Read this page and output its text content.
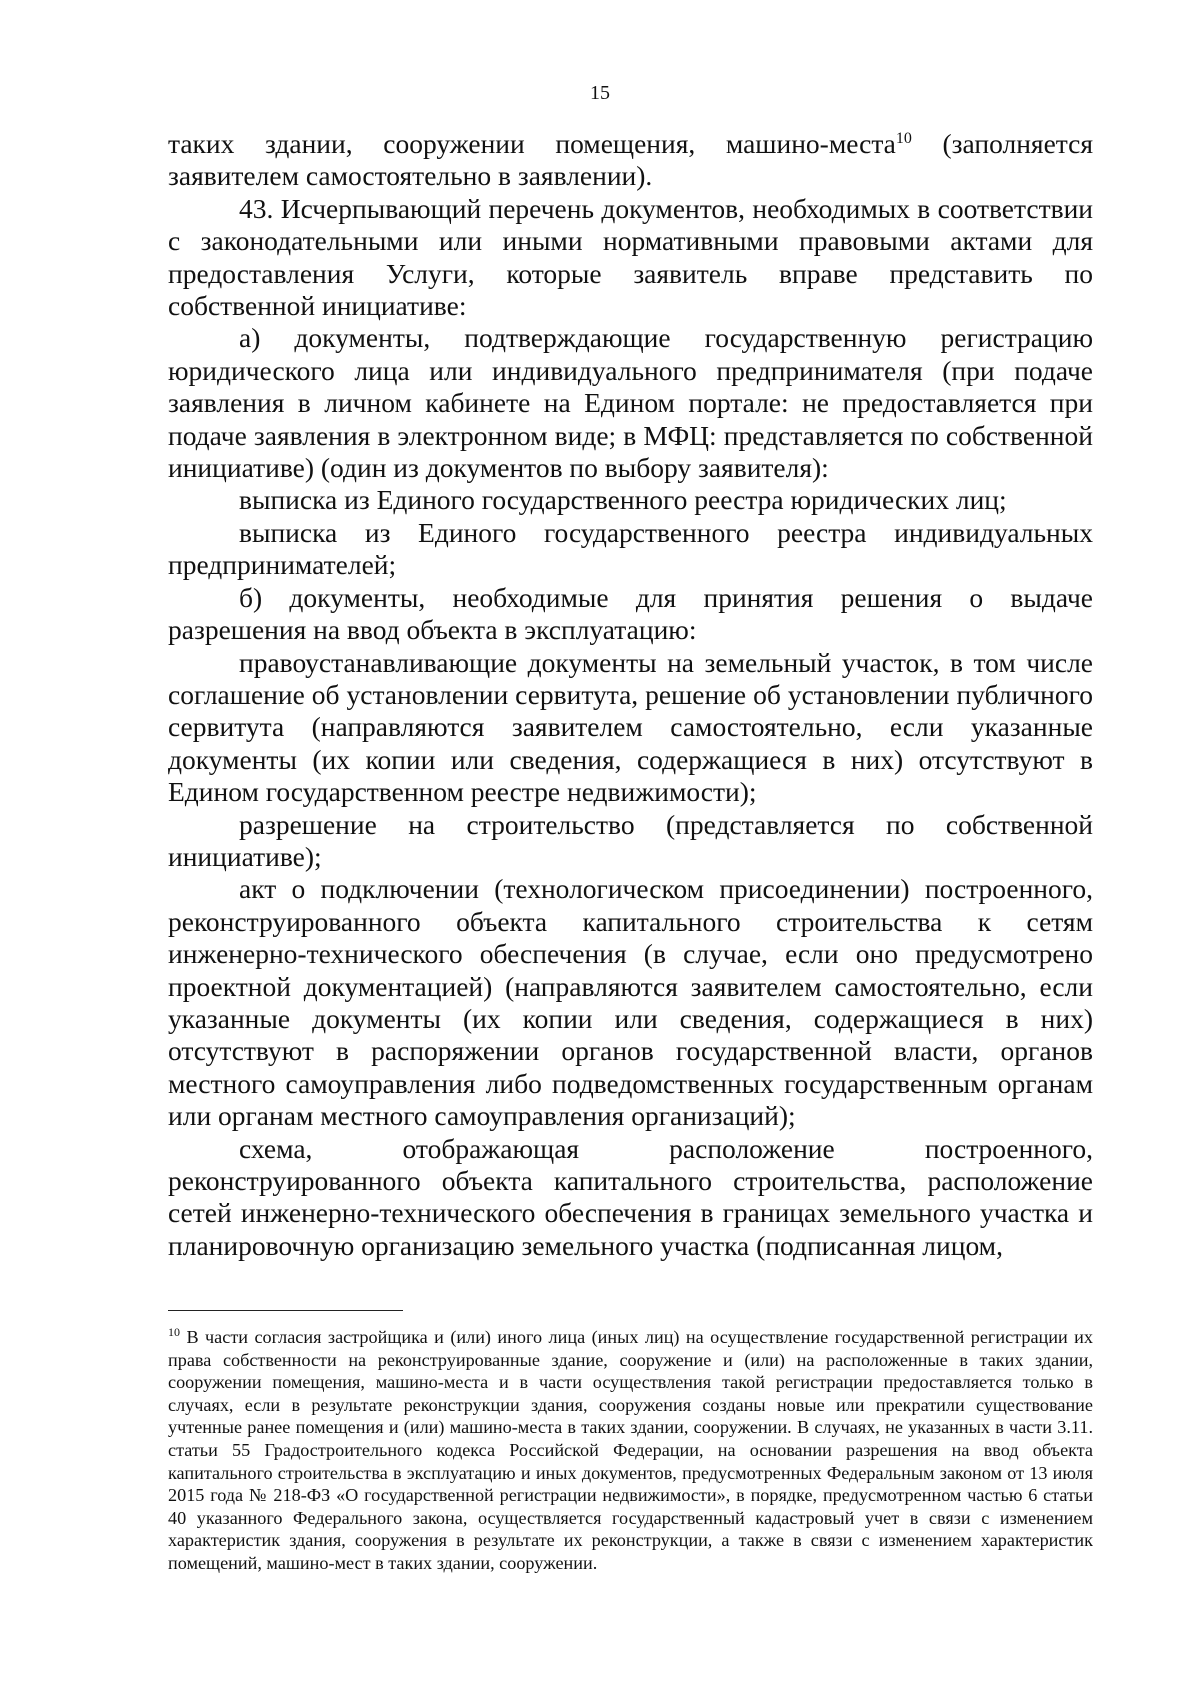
15

таких здании, сооружении помещения, машино-места$^{10}$ (заполняется заявителем самостоятельно в заявлении).

43. Исчерпывающий перечень документов, необходимых в соответствии с законодательными или иными нормативными правовыми актами для предоставления Услуги, которые заявитель вправе представить по собственной инициативе:

а) документы, подтверждающие государственную регистрацию юридического лица или индивидуального предпринимателя (при подаче заявления в личном кабинете на Едином портале: не предоставляется при подаче заявления в электронном виде; в МФЦ: представляется по собственной инициативе) (один из документов по выбору заявителя):

выписка из Единого государственного реестра юридических лиц;

выписка из Единого государственного реестра индивидуальных предпринимателей;

б) документы, необходимые для принятия решения о выдаче разрешения на ввод объекта в эксплуатацию:

правоустанавливающие документы на земельный участок, в том числе соглашение об установлении сервитута, решение об установлении публичного сервитута (направляются заявителем самостоятельно, если указанные документы (их копии или сведения, содержащиеся в них) отсутствуют в Едином государственном реестре недвижимости);

разрешение на строительство (представляется по собственной инициативе);

акт о подключении (технологическом присоединении) построенного, реконструированного объекта капитального строительства к сетям инженерно-технического обеспечения (в случае, если оно предусмотрено проектной документацией) (направляются заявителем самостоятельно, если указанные документы (их копии или сведения, содержащиеся в них) отсутствуют в распоряжении органов государственной власти, органов местного самоуправления либо подведомственных государственным органам или органам местного самоуправления организаций);

схема, отображающая расположение построенного, реконструированного объекта капитального строительства, расположение сетей инженерно-технического обеспечения в границах земельного участка и планировочную организацию земельного участка (подписанная лицом,

$^{10}$ В части согласия застройщика и (или) иного лица (иных лиц) на осуществление государственной регистрации их права собственности на реконструированные здание, сооружение и (или) на расположенные в таких здании, сооружении помещения, машино-места и в части осуществления такой регистрации предоставляется только в случаях, если в результате реконструкции здания, сооружения созданы новые или прекратили существование учтенные ранее помещения и (или) машино-места в таких здании, сооружении. В случаях, не указанных в части 3.11. статьи 55 Градостроительного кодекса Российской Федерации, на основании разрешения на ввод объекта капитального строительства в эксплуатацию и иных документов, предусмотренных Федеральным законом от 13 июля 2015 года № 218-ФЗ «О государственной регистрации недвижимости», в порядке, предусмотренном частью 6 статьи 40 указанного Федерального закона, осуществляется государственный кадастровый учет в связи с изменением характеристик здания, сооружения в результате их реконструкции, а также в связи с изменением характеристик помещений, машино-мест в таких здании, сооружении.
